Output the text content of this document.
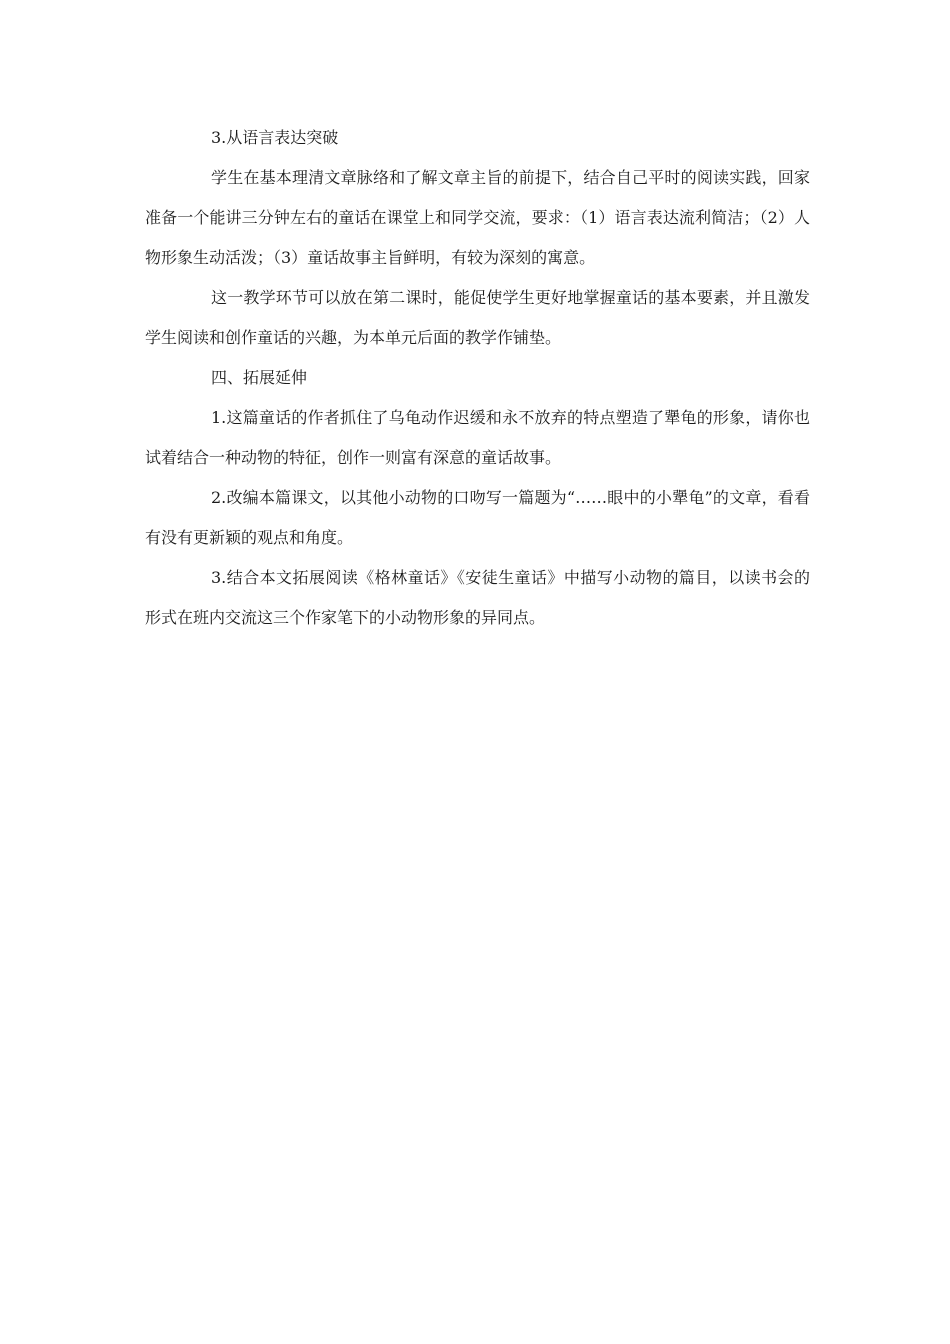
3.从语言表达突破

学生在基本理清文章脉络和了解文章主旨的前提下，结合自己平时的阅读实践，回家准备一个能讲三分钟左右的童话在课堂上和同学交流，要求：（1）语言表达流利简洁；（2）人物形象生动活泼；（3）童话故事主旨鲜明，有较为深刻的寓意。

这一教学环节可以放在第二课时，能促使学生更好地掌握童话的基本要素，并且激发学生阅读和创作童话的兴趣，为本单元后面的教学作铺垫。

四、拓展延伸

1.这篇童话的作者抓住了乌龟动作迟缓和永不放弃的特点塑造了犟龟的形象，请你也试着结合一种动物的特征，创作一则富有深意的童话故事。

2.改编本篇课文，以其他小动物的口吻写一篇题为“……眼中的小犟龟”的文章，看看有没有更新颖的观点和角度。

3.结合本文拓展阅读《格林童话》《安徒生童话》中描写小动物的篇目，以读书会的形式在班内交流这三个作家笔下的小动物形象的异同点。
